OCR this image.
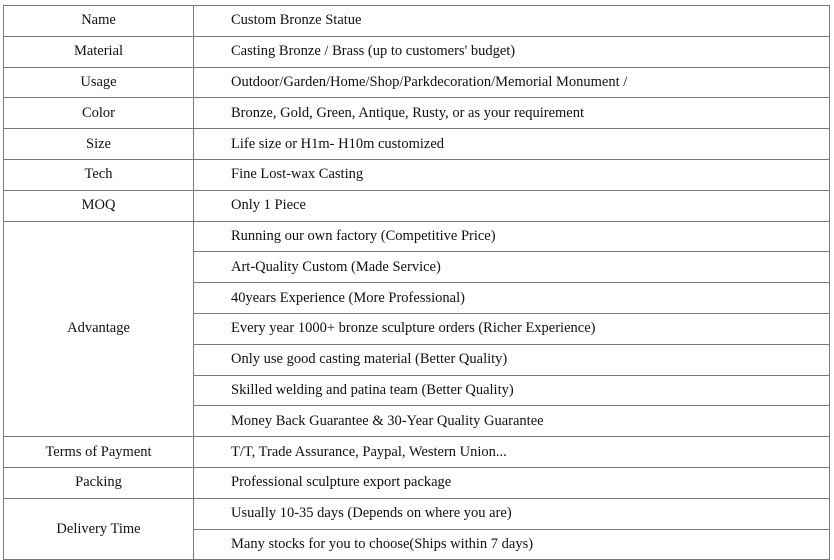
Name	Custom Bronze Statue
Material	Casting Bronze / Brass (up to customers' budget)
Usage	Outdoor/Garden/Home/Shop/Parkdecoration/Memorial Monument /
Color	Bronze, Gold, Green, Antique, Rusty, or as your requirement
Size	Life size or H1m- H10m customized
Tech	Fine Lost-wax Casting
MOQ	Only 1 Piece
Advantage	Running our own factory (Competitive Price)
	Art-Quality Custom (Made Service)
	40years Experience (More Professional)
	Every year 1000+ bronze sculpture orders (Richer Experience)
	Only use good casting material (Better Quality)
	Skilled welding and patina team (Better Quality)
	Money Back Guarantee & 30-Year Quality Guarantee
Terms of Payment	T/T, Trade Assurance, Paypal, Western Union...
Packing	Professional sculpture export package
Delivery Time	Usually 10-35 days (Depends on where you are)
	Many stocks for you to choose(Ships within 7 days)
